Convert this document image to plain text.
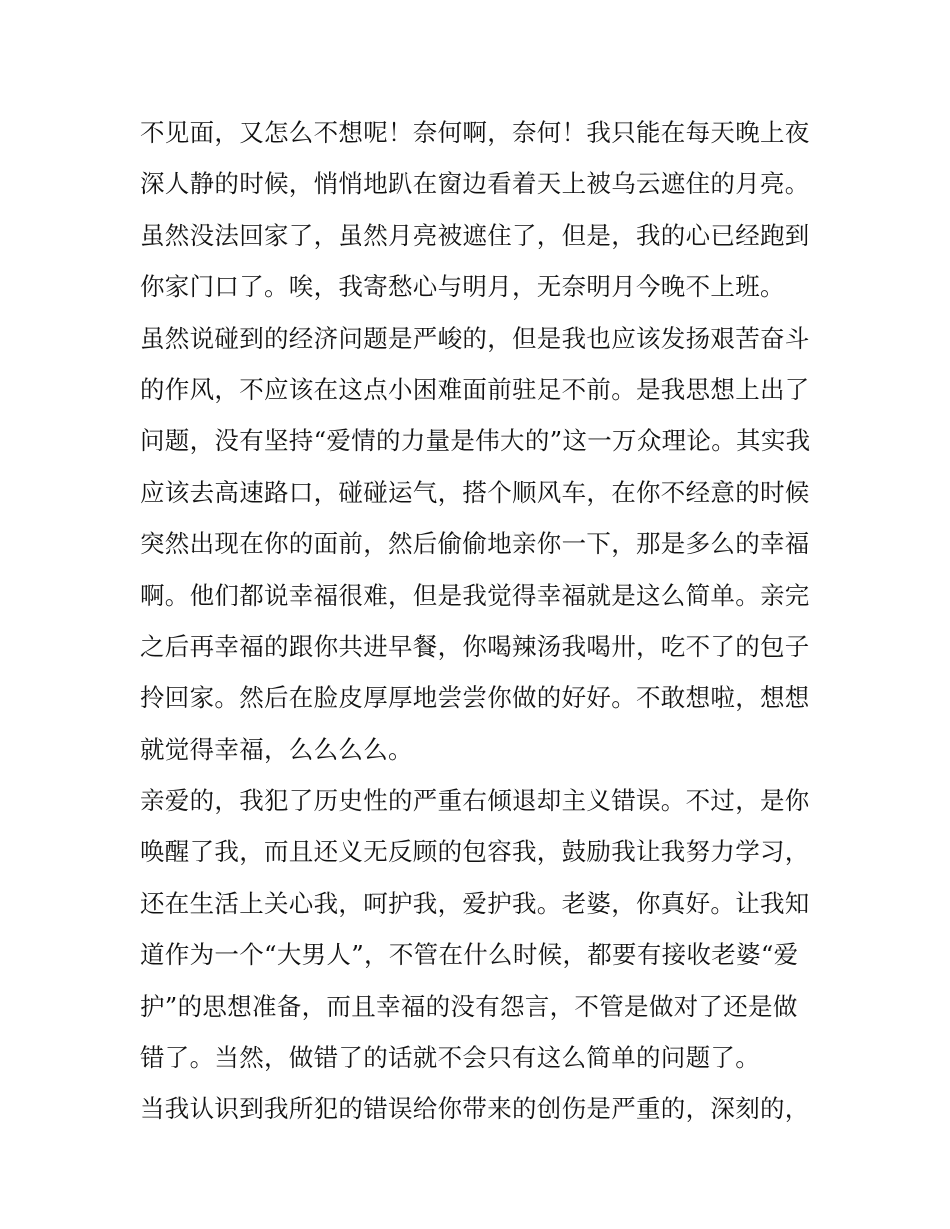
不见面，又怎么不想呢！奈何啊，奈何！我只能在每天晚上夜
深人静的时候，悄悄地趴在窗边看着天上被乌云遮住的月亮。
虽然没法回家了，虽然月亮被遮住了，但是，我的心已经跑到
你家门口了。唉，我寄愁心与明月，无奈明月今晚不上班。
虽然说碰到的经济问题是严峻的，但是我也应该发扬艰苦奋斗
的作风，不应该在这点小困难面前驻足不前。是我思想上出了
问题，没有坚持“爱情的力量是伟大的”这一万众理论。其实我
应该去高速路口，碰碰运气，搭个顺风车，在你不经意的时候
突然出现在你的面前，然后偷偷地亲你一下，那是多么的幸福
啊。他们都说幸福很难，但是我觉得幸福就是这么简单。亲完
之后再幸福的跟你共进早餐，你喝辣汤我喝卅，吃不了的包子
拎回家。然后在脸皮厚厚地尝尝你做的好好。不敢想啦，想想
就觉得幸福，么么么么。
亲爱的，我犯了历史性的严重右倾退却主义错误。不过，是你
唤醒了我，而且还义无反顾的包容我，鼓励我让我努力学习，
还在生活上关心我，呵护我，爱护我。老婆，你真好。让我知
道作为一个“大男人”，不管在什么时候，都要有接收老婆“爱
护”的思想准备，而且幸福的没有怨言，不管是做对了还是做
错了。当然，做错了的话就不会只有这么简单的问题了。
当我认识到我所犯的错误给你带来的创伤是严重的，深刻的，
